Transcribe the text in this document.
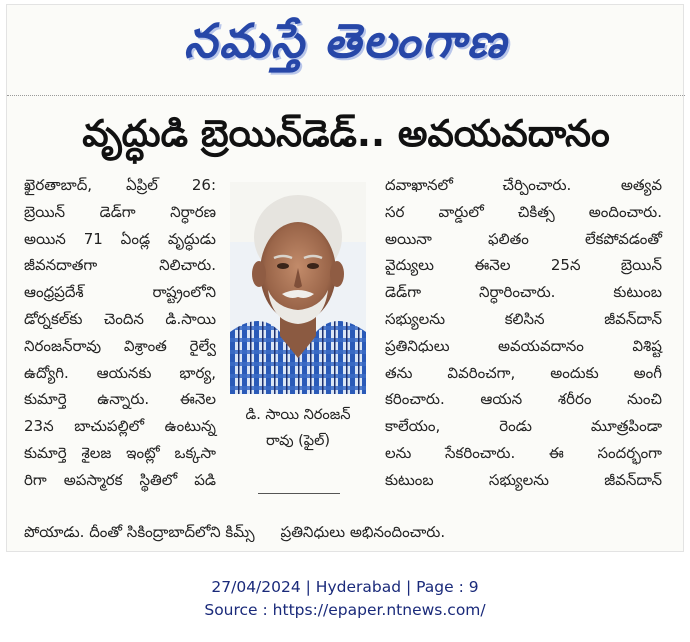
నమస్తే తెలంగాణ
వృద్ధుడి బ్రెయిన్‌డెడ్.. అవయవదానం
ఖైరతాబాద్, ఏప్రిల్ 26:
బ్రెయిన్ డెడ్‌గా నిర్ధారణ
అయిన 71 ఏండ్ల వృద్ధుడు
జీవనదాతగా నిలిచారు.
ఆంధ్రప్రదేశ్ రాష్ట్రంలోని
డోర్నకల్‌కు చెందిన డి.సాయి
నిరంజన్‌రావు విశ్రాంత రైల్వే
ఉద్యోగి. ఆయనకు భార్య,
కుమార్తె ఉన్నారు. ఈనెల
23న బాచుపల్లిలో ఉంటున్న
కుమార్తె శైలజ ఇంట్లో ఒక్కసా
రిగా అపస్మారక స్థితిలో పడి
డి. సాయి నిరంజన్
రావు (ఫైల్)
దవాఖానలో చేర్పించారు. అత్యవ
సర వార్డులో చికిత్స అందించారు.
అయినా ఫలితం లేకపోవడంతో
వైద్యులు ఈనెల 25న బ్రెయిన్
డెడ్‌గా నిర్ధారించారు. కుటుంబ
సభ్యులను కలిసిన జీవన్‌దాన్
ప్రతినిధులు అవయవదానం విశిష్ట
తను వివరించగా, అందుకు అంగీ
కరించారు. ఆయన శరీరం నుంచి
కాలేయం, రెండు మూత్రపిండా
లను సేకరించారు. ఈ సందర్భంగా
కుటుంబ సభ్యులను జీవన్‌దాన్
పోయాడు. దీంతో సికింద్రాబాద్‌లోని కిమ్స్ ప్రతినిధులు అభినందించారు.
27/04/2024 | Hyderabad | Page : 9
Source : https://epaper.ntnews.com/
